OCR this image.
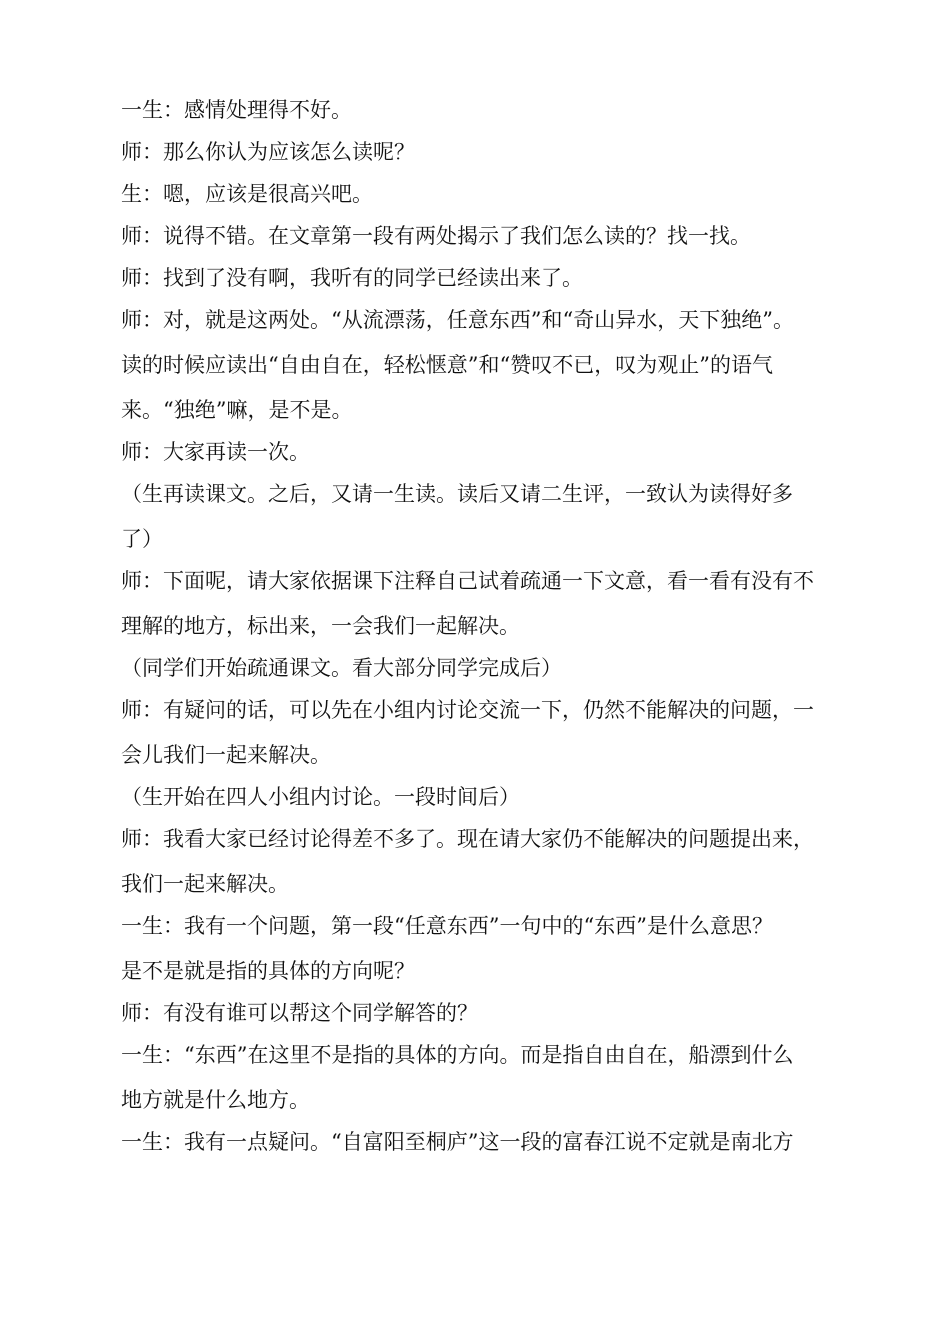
一生：感情处理得不好。
师：那么你认为应该怎么读呢？
生：嗯，应该是很高兴吧。
师：说得不错。在文章第一段有两处揭示了我们怎么读的？找一找。
师：找到了没有啊，我听有的同学已经读出来了。
师：对，就是这两处。“从流漂荡，任意东西”和“奇山异水，天下独绝”。
读的时候应读出“自由自在，轻松惬意”和“赞叹不已，叹为观止”的语气
来。“独绝”嘛，是不是。
师：大家再读一次。
（生再读课文。之后，又请一生读。读后又请二生评，一致认为读得好多
了）
师：下面呢，请大家依据课下注释自己试着疏通一下文意，看一看有没有不
理解的地方，标出来，一会我们一起解决。
（同学们开始疏通课文。看大部分同学完成后）
师：有疑问的话，可以先在小组内讨论交流一下，仍然不能解决的问题，一
会儿我们一起来解决。
（生开始在四人小组内讨论。一段时间后）
师：我看大家已经讨论得差不多了。现在请大家仍不能解决的问题提出来，
我们一起来解决。
一生：我有一个问题，第一段“任意东西”一句中的“东西”是什么意思？
是不是就是指的具体的方向呢？
师：有没有谁可以帮这个同学解答的？
一生：“东西”在这里不是指的具体的方向。而是指自由自在，船漂到什么
地方就是什么地方。
一生：我有一点疑问。“自富阳至桐庐”这一段的富春江说不定就是南北方
